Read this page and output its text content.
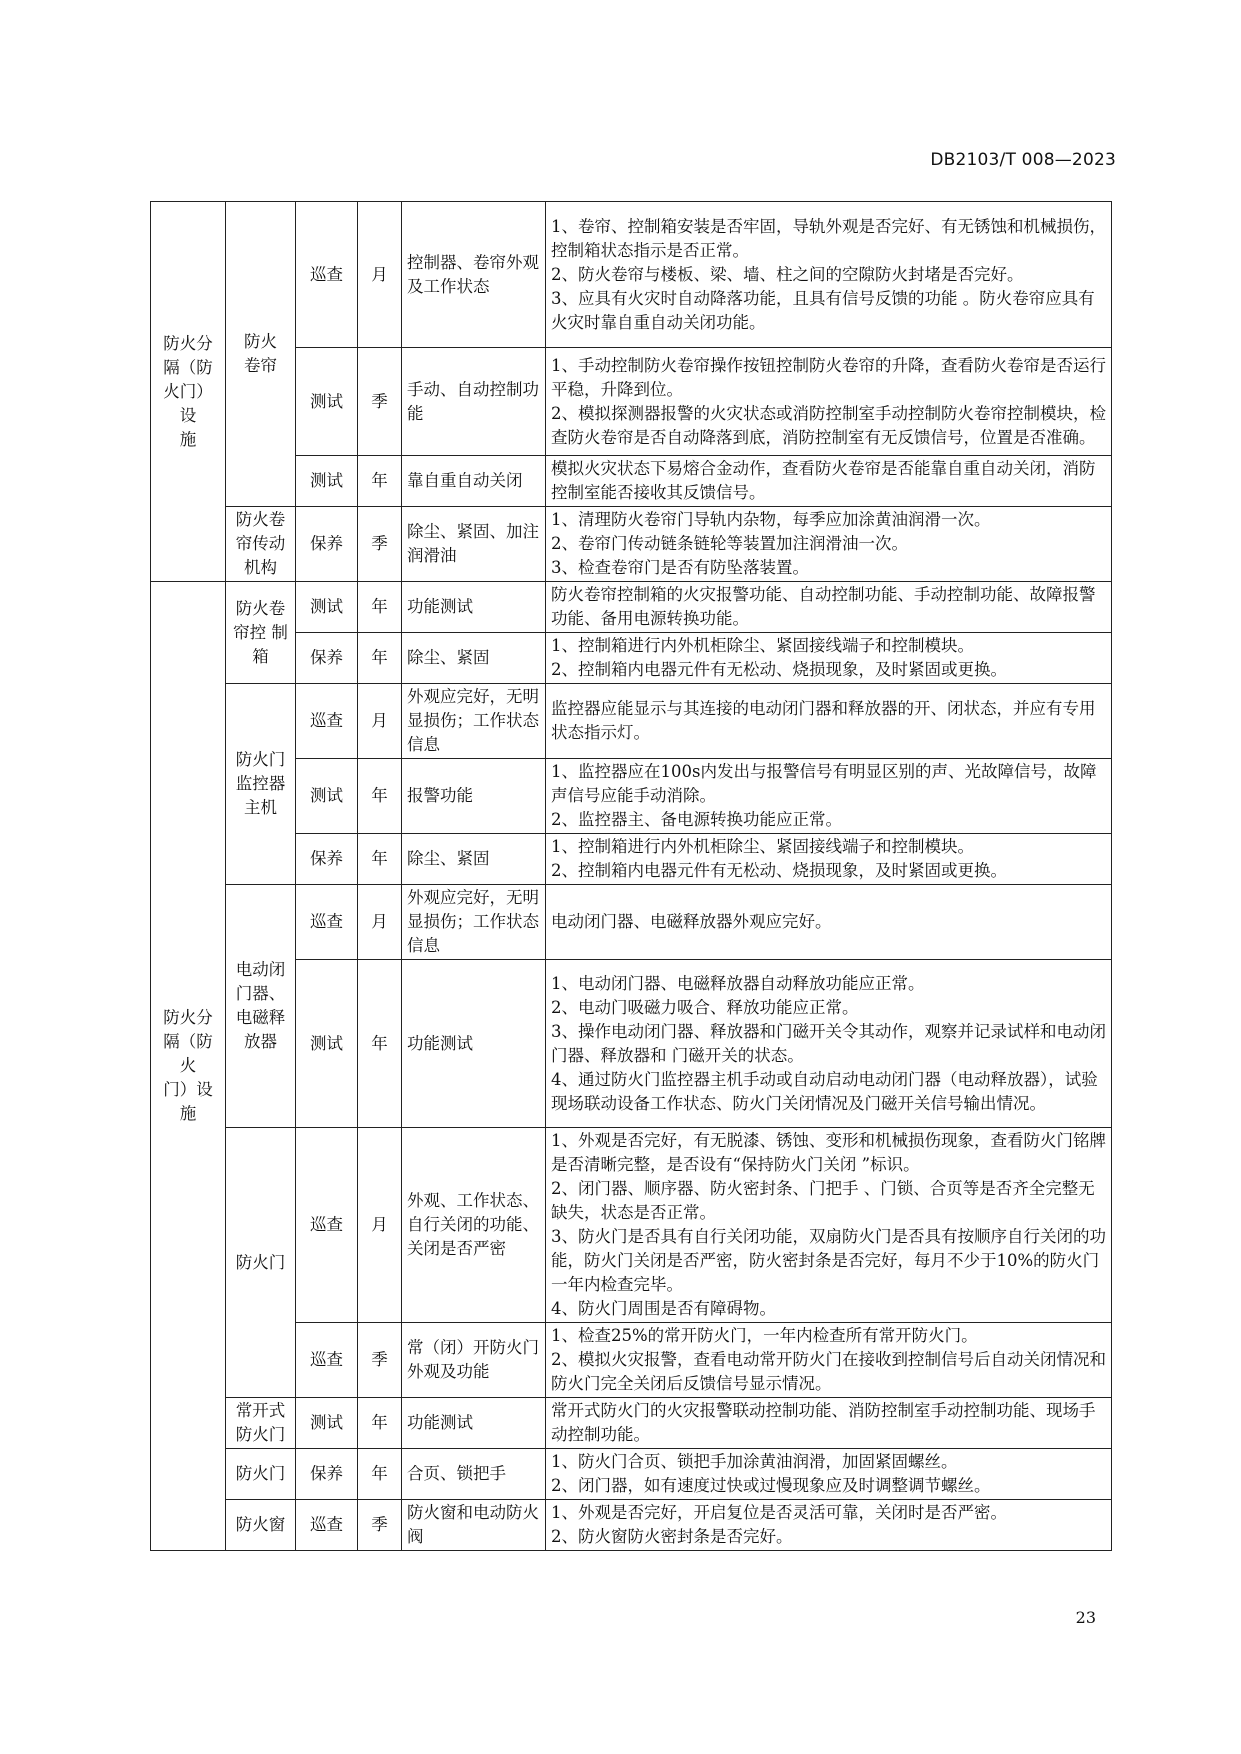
DB2103/T 008—2023
防火分
隔（防
火门）设
施	防火
卷帘	巡查	月	控制器、卷帘外观
及工作状态	1、卷帘、控制箱安装是否牢固，导轨外观是否完好、有无锈蚀和机械损伤，控制箱状态指示是否正常。
2、防火卷帘与楼板、梁、墙、柱之间的空隙防火封堵是否完好。
3、应具有火灾时自动降落功能，且具有信号反馈的功能 。防火卷帘应具有火灾时靠自重自动关闭功能。
		测试	季	手动、自动控制功
能	1、手动控制防火卷帘操作按钮控制防火卷帘的升降，查看防火卷帘是否运行平稳，升降到位。
2、模拟探测器报警的火灾状态或消防控制室手动控制防火卷帘控制模块，检查防火卷帘是否自动降落到底，消防控制室有无反馈信号，位置是否准确。
		测试	年	靠自重自动关闭	模拟火灾状态下易熔合金动作，查看防火卷帘是否能靠自重自动关闭，消防控制室能否接收其反馈信号。
	防火卷
帘传动
机构	保养	季	除尘、紧固、加注
润滑油	1、清理防火卷帘门导轨内杂物，每季应加涂黄油润滑一次。
2、卷帘门传动链条链轮等装置加注润滑油一次。
3、检查卷帘门是否有防坠落装置。
防火分
隔（防火
门）设施	防火卷
帘控 制
箱	测试	年	功能测试	防火卷帘控制箱的火灾报警功能、自动控制功能、手动控制功能、故障报警功能、备用电源转换功能。
		保养	年	除尘、紧固	1、控制箱进行内外机柜除尘、紧固接线端子和控制模块。
2、控制箱内电器元件有无松动、烧损现象，及时紧固或更换。
	防火门
监控器
主机	巡查	月	外观应完好，无明
显损伤；工作状态
信息	监控器应能显示与其连接的电动闭门器和释放器的开、闭状态，并应有专用状态指示灯。
		测试	年	报警功能	1、监控器应在100s内发出与报警信号有明显区别的声、光故障信号，故障声信号应能手动消除。
2、监控器主、备电源转换功能应正常。
		保养	年	除尘、紧固	1、控制箱进行内外机柜除尘、紧固接线端子和控制模块。
2、控制箱内电器元件有无松动、烧损现象，及时紧固或更换。
	电动闭
门器、
电磁释
放器	巡查	月	外观应完好，无明
显损伤；工作状态
信息	电动闭门器、电磁释放器外观应完好。
		测试	年	功能测试	1、电动闭门器、电磁释放器自动释放功能应正常。
2、电动门吸磁力吸合、释放功能应正常。
3、操作电动闭门器、释放器和门磁开关令其动作，观察并记录试样和电动闭门器、释放器和 门磁开关的状态。
4、通过防火门监控器主机手动或自动启动电动闭门器（电动释放器），试验现场联动设备工作状态、防火门关闭情况及门磁开关信号输出情况。
	防火门	巡查	月	外观、工作状态、
自行关闭的功能、
关闭是否严密	1、外观是否完好，有无脱漆、锈蚀、变形和机械损伤现象，查看防火门铭牌是否清晰完整，是否设有“保持防火门关闭 ”标识。
2、闭门器、顺序器、防火密封条、门把手 、门锁、合页等是否齐全完整无缺失，状态是否正常。
3、防火门是否具有自行关闭功能，双扇防火门是否具有按顺序自行关闭的功能，防火门关闭是否严密，防火密封条是否完好，每月不少于10%的防火门一年内检查完毕。
4、防火门周围是否有障碍物。
		巡查	季	常（闭）开防火门
外观及功能	1、检查25%的常开防火门，一年内检查所有常开防火门。
2、模拟火灾报警，查看电动常开防火门在接收到控制信号后自动关闭情况和防火门完全关闭后反馈信号显示情况。
	常开式
防火门	测试	年	功能测试	常开式防火门的火灾报警联动控制功能、消防控制室手动控制功能、现场手动控制功能。
	防火门	保养	年	合页、锁把手	1、防火门合页、锁把手加涂黄油润滑，加固紧固螺丝。
2、闭门器，如有速度过快或过慢现象应及时调整调节螺丝。
	防火窗	巡查	季	防火窗和电动防火
阀	1、外观是否完好，开启复位是否灵活可靠，关闭时是否严密。
2、防火窗防火密封条是否完好。
23
